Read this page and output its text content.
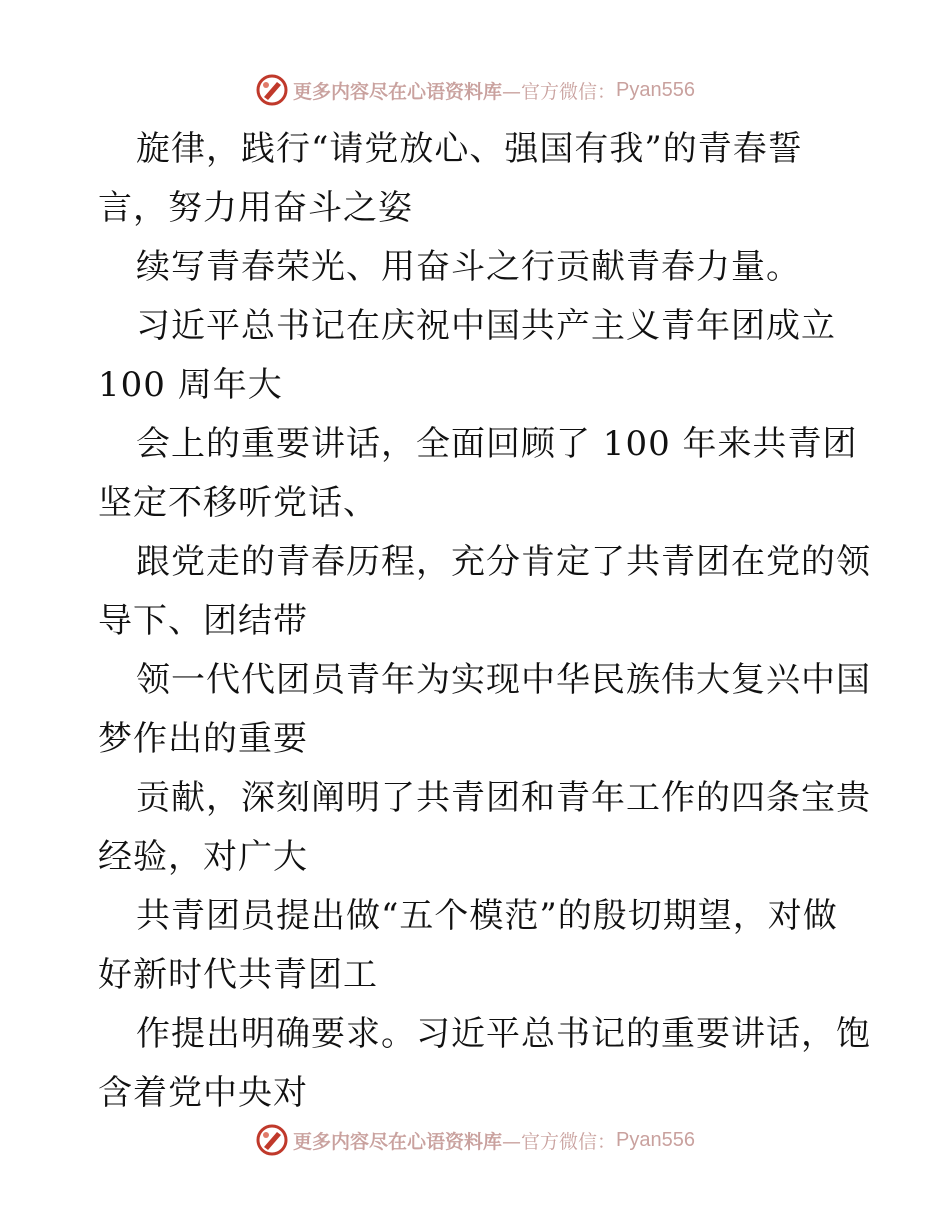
更多内容尽在心语资料库 —官方微信： Pyan556
旋律，践行“请党放心、强国有我”的青春誓
言，努力用奋斗之姿
续写青春荣光、用奋斗之行贡献青春力量。
习近平总书记在庆祝中国共产主义青年团成立
100 周年大
会上的重要讲话，全面回顾了 100 年来共青团
坚定不移听党话、
跟党走的青春历程，充分肯定了共青团在党的领
导下、团结带
领一代代团员青年为实现中华民族伟大复兴中国
梦作出的重要
贡献，深刻阐明了共青团和青年工作的四条宝贵
经验，对广大
共青团员提出做“五个模范”的殷切期望，对做
好新时代共青团工
作提出明确要求。习近平总书记的重要讲话，饱
含着党中央对
更多内容尽在心语资料库 —官方微信： Pyan556
